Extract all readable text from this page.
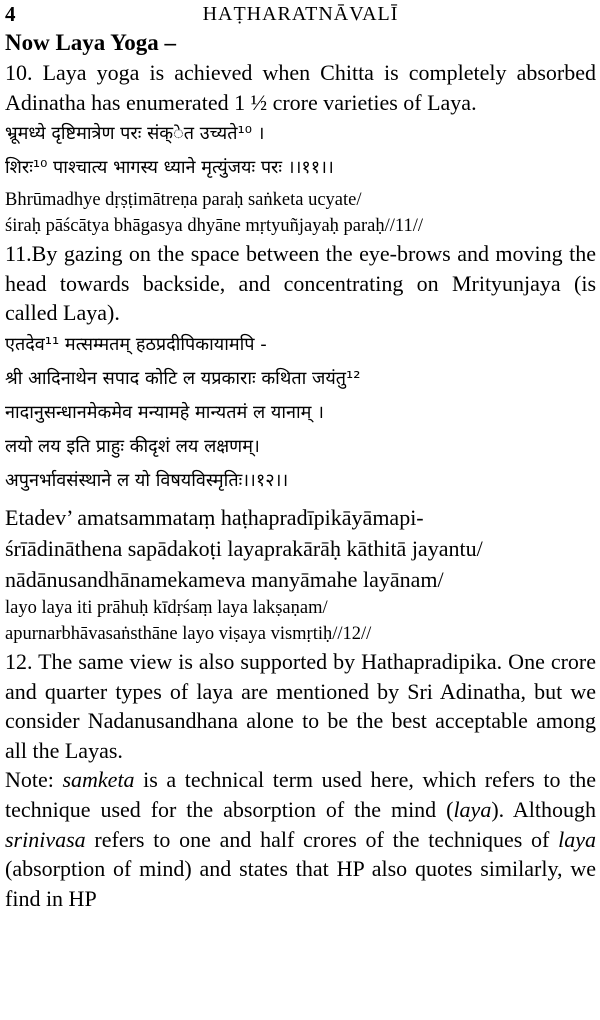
4	HAṬHARATNĀVALĪ

Now Laya Yoga –

10. Laya yoga is achieved when Chitta is completely absorbed Adinatha has enumerated 1 ½ crore varieties of Laya.

भ्रूमध्ये दृष्टिमात्रेण परः संक्ेत उच्यते¹⁰ ।

शिरः¹⁰ पाश्चात्य भागस्य ध्याने मृत्युंजयः परः ।।११।।

Bhrūmadhye dṛṣṭimātreṇa paraḥ saṅketa ucyate/

śiraḥ pāścātya bhāgasya dhyāne mṛtyuñjayaḥ paraḥ//11//

11.By gazing on the space between the eye-brows and moving the head towards backside, and concentrating on Mrityunjaya (is called Laya).

एतदेव¹¹ मत्सम्मतम् हठप्रदीपिकायामपि -

श्री आदिनाथेन सपाद कोटि ल यप्रकाराः कथिता जयंतु¹²

नादानुसन्धानमेकमेव मन्यामहे मान्यतमं ल यानाम् ।

लयो लय इति प्राहुः कीदृशं लय लक्षणम्।

अपुनर्भावसंस्थाने ल यो विषयविस्मृतिः।।१२।।

Etadev’ amatsammataṃ haṭhapradīpikāyāmapi-

śrīādināthena sapādakoṭi layaprakārāḥ kāthitā jayantu/

nādānusandhānamekameva manyāmahe layānam/

layo laya iti prāhuḥ kīdṛśaṃ laya lakṣaṇam/

apurnarbhāvasaṅsthāne layo viṣaya vismṛtiḥ//12//

12. The same view is also supported by Hathapradipika. One crore and quarter types of laya are mentioned by Sri Adinatha, but we consider Nadanusandhana alone to be the best acceptable among all the Layas.

Note: samketa is a technical term used here, which refers to the technique used for the absorption of the mind (laya). Although srinivasa refers to one and half crores of the techniques of laya (absorption of mind) and states that HP also quotes similarly, we find in HP
